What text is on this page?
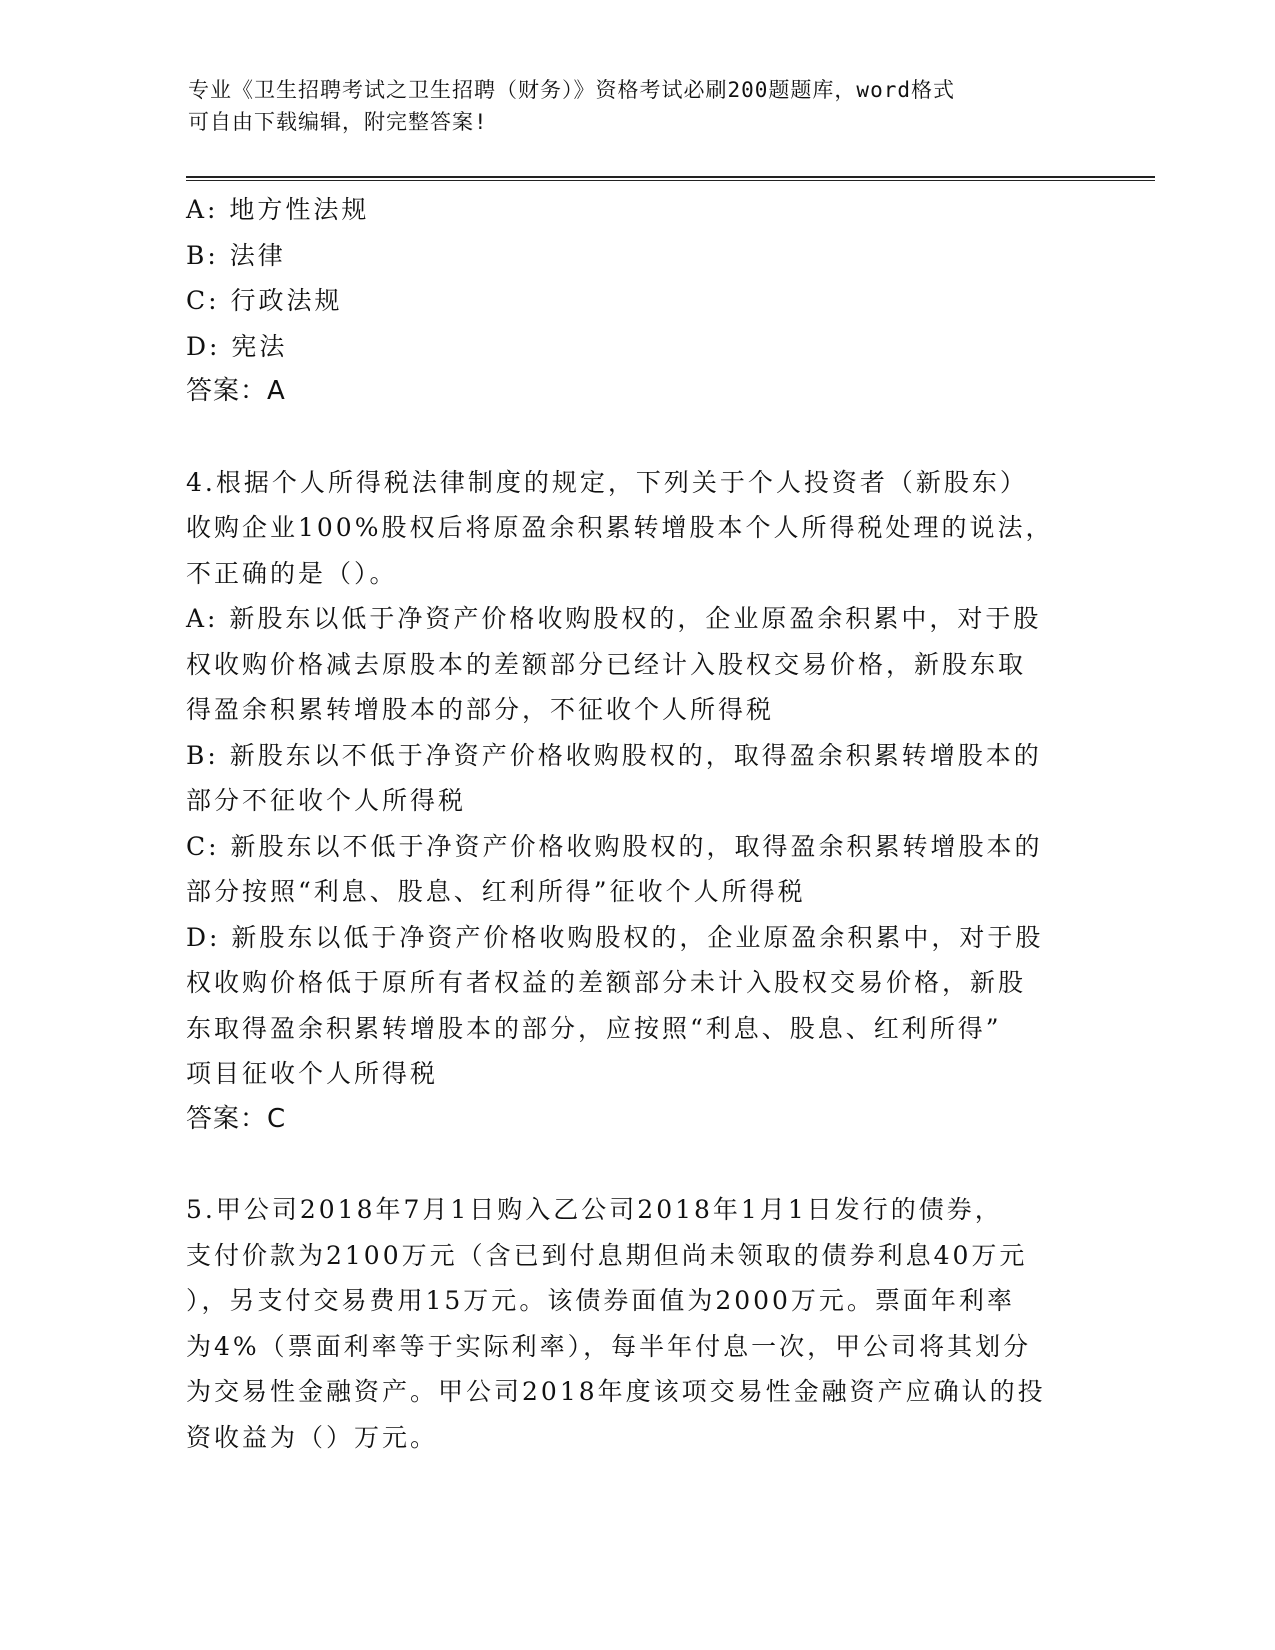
专业《卫生招聘考试之卫生招聘（财务）》资格考试必刷200题题库，word格式
可自由下载编辑，附完整答案!
A: 地方性法规
B: 法律
C: 行政法规
D: 宪法
答案：A
4.根据个人所得税法律制度的规定，下列关于个人投资者（新股东）
收购企业100%股权后将原盈余积累转增股本个人所得税处理的说法，
不正确的是（）。
A: 新股东以低于净资产价格收购股权的，企业原盈余积累中，对于股
权收购价格减去原股本的差额部分已经计入股权交易价格，新股东取
得盈余积累转增股本的部分，不征收个人所得税
B: 新股东以不低于净资产价格收购股权的，取得盈余积累转增股本的
部分不征收个人所得税
C: 新股东以不低于净资产价格收购股权的，取得盈余积累转增股本的
部分按照“利息、股息、红利所得”征收个人所得税
D: 新股东以低于净资产价格收购股权的，企业原盈余积累中，对于股
权收购价格低于原所有者权益的差额部分未计入股权交易价格，新股
东取得盈余积累转增股本的部分，应按照“利息、股息、红利所得”
项目征收个人所得税
答案：C
5.甲公司2018年7月1日购入乙公司2018年1月1日发行的债券，
支付价款为2100万元（含已到付息期但尚未领取的债券利息40万元
），另支付交易费用15万元。该债券面值为2000万元。票面年利率
为4%（票面利率等于实际利率），每半年付息一次，甲公司将其划分
为交易性金融资产。甲公司2018年度该项交易性金融资产应确认的投
资收益为（）万元。
